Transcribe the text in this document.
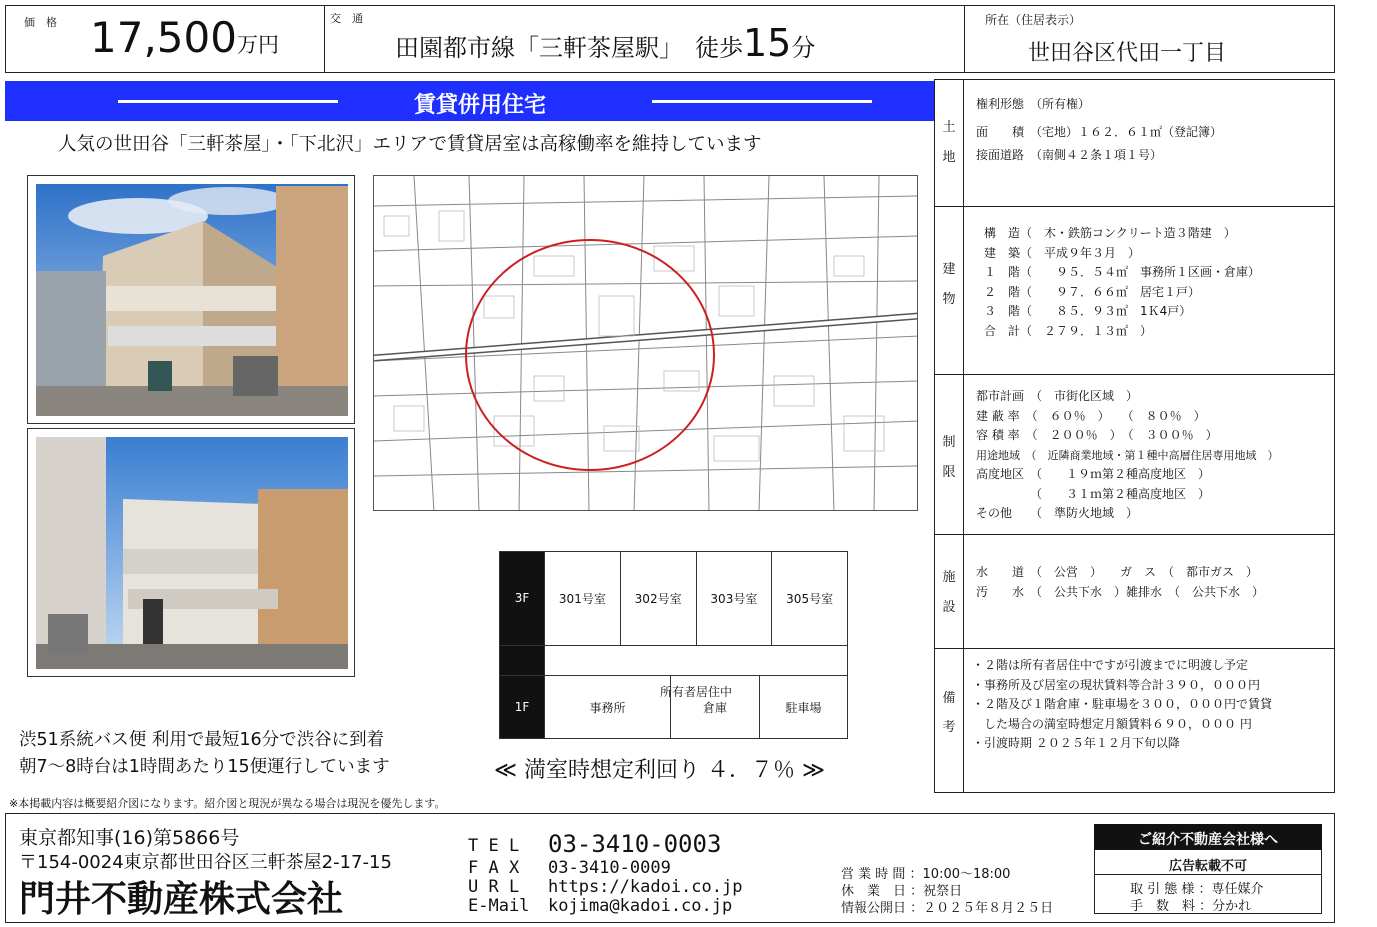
価　格 17,500万円
交　通
田園都市線「三軒茶屋駅」　 徒歩15分
所在（住居表示）
世田谷区代田一丁目
賃貸併用住宅
人気の世田谷「三軒茶屋」・「下北沢」エリアで賃貸居室は高稼働率を維持しています
3F	301号室	302号室	303号室	305号室
	所有者居住中			
1F	事務所	倉庫	駐車場
渋51系統バス便 利用で最短16分で渋谷に到着
朝7～8時台は1時間あたり15便運行しています	≪ 満室時想定利回り ４．７％ ≫
土
地
権利形態　（所有権）
面　　積　（宅地）１６２．６１㎡（登記簿）
接面道路　（南側４２条１項１号）
建
物
構　造（　木・鉄筋コンクリート造３階建　）
建　築（　平成９年３月　）
１　階（　　９５．５４㎡　事務所１区画・倉庫）
２　階（　　９７．６６㎡　居宅１戸）
３　階（　　８５．９３㎡　1Ｋ4戸）
合　計（　２７９．１３㎡　）
制
限
都市計画　（　市街化区域　）
建 蔽 率　（　６０％　）　　（　８０％　）
容 積 率　（　２００％　）　（　３００％　）
用途地域　（　近隣商業地域・第１種中高層住居専用地域　）
高度地区　（　　１９ｍ第２種高度地区　）
　　　　　（　　３１ｍ第２種高度地区　）
その他　　（　準防火地域　）
施
設
水　　道　（　公営　）　　ガ　ス　（　都市ガス　）
汚　　水　（　公共下水　）雑排水　（　公共下水　）
備
考
・２階は所有者居住中ですが引渡までに明渡し予定
・事務所及び居室の現状賃料等合計３９０，０００円
・２階及び１階倉庫・駐車場を３００，０００円で賃貸
　した場合の満室時想定月額賃料６９０，０００ 円
・引渡時期 ２０２５年１２月下旬以降
※本掲載内容は概要紹介図になります。紹介図と現況が異なる場合は現況を優先します。
東京都知事(16)第5866号
〒154-0024東京都世田谷区三軒茶屋2-17-15
門井不動産株式会社
T E L 03-3410-0003
F A X 03-3410-0009
U R L https://kadoi.co.jp
E-Mail kojima@kadoi.co.jp
営 業 時 間 ：10:00～18:00
休　業　日 ：祝祭日
情報公開日 ：２０２５年８月２５日
ご紹介不動産会社様へ
広告転載不可
取 引 態 様 ：専任媒介
手　数　料 ：分かれ
